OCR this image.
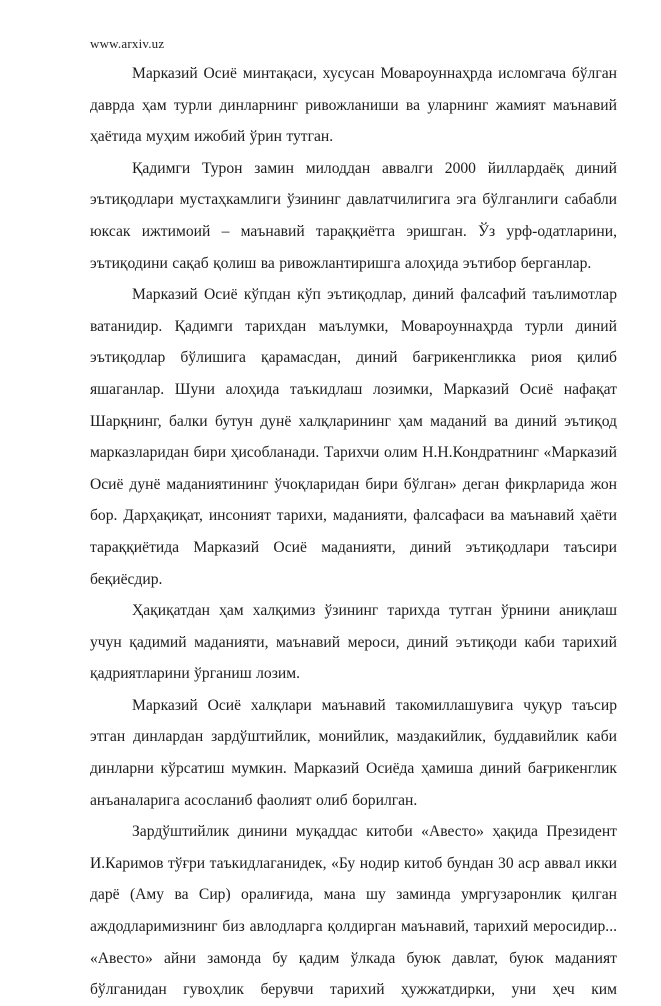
www.arxiv.uz

Марказий Осиё минтақаси, хусусан Мовароуннаҳрда исломгача бўлган даврда ҳам турли динларнинг ривожланиши ва уларнинг жамият маънавий ҳаётида муҳим ижобий ўрин тутган.

Қадимги Турон замин милоддан аввалги 2000 йиллардаёқ диний эътиқодлари мустаҳкамлиги ўзининг давлатчилигига эга бўлганлиги сабабли юксак ижтимоий – маънавий тараққиётга эришган. Ўз урф-одатларини, эътиқодини сақаб қолиш ва ривожлантиришга алоҳида эътибор берганлар.

Марказий Осиё кўпдан кўп эътиқодлар, диний фалсафий таълимотлар ватанидир. Қадимги тарихдан маълумки, Мовароуннаҳрда турли диний эътиқодлар бўлишига қарамасдан, диний бағрикенгликка риоя қилиб яшаганлар. Шуни алоҳида таъкидлаш лозимки, Марказий Осиё нафақат Шарқнинг, балки бутун дунё халқларининг ҳам маданий ва диний эътиқод марказларидан бири ҳисобланади. Тарихчи олим Н.Н.Кондратнинг «Марказий Осиё дунё маданиятининг ўчоқларидан бири бўлган» деган фикрларида жон бор. Дарҳақиқат, инсоният тарихи, маданияти, фалсафаси ва маънавий ҳаёти тараққиётида Марказий Осиё маданияти, диний эътиқодлари таъсири беқиёсдир.

Ҳақиқатдан ҳам халқимиз ўзининг тарихда тутган ўрнини аниқлаш учун қадимий маданияти, маънавий мероси, диний эътиқоди каби тарихий қадриятларини ўрганиш лозим.

Марказий Осиё халқлари маънавий такомиллашувига чуқур таъсир этган динлардан зардўштийлик, монийлик, маздакийлик, буддавийлик каби динларни кўрсатиш мумкин. Марказий Осиёда ҳамиша диний бағрикенглик анъаналарига асосланиб фаолият олиб борилган.

Зардўштийлик динини муқаддас китоби «Авесто» ҳақида Президент И.Каримов тўғри таъкидлаганидек, «Бу нодир китоб бундан 30 аср аввал икки дарё (Аму ва Сир) оралиғида, мана шу заминда умргузаронлик қилган аждодларимизнинг биз авлодларга қолдирган маънавий, тарихий меросидир... «Авесто» айни замонда бу қадим ўлкада буюк давлат, буюк маданият бўлганидан гувоҳлик берувчи тарихий ҳужжатдирки, уни ҳеч ким
